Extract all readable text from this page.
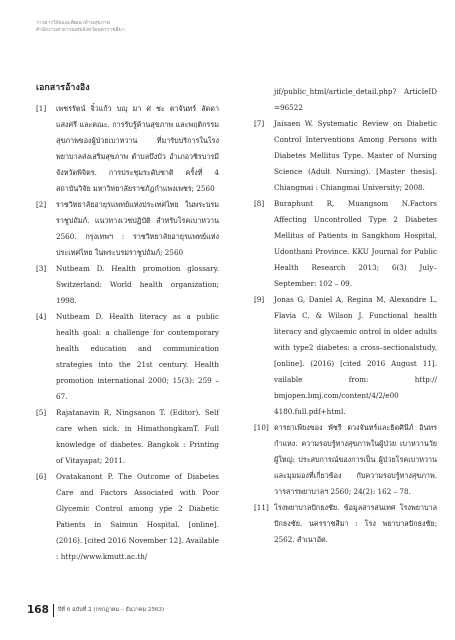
วารสารวิจัยและพัฒนาด้านสุขภาพ
สำนักงานสาธารณสุขจังหวัดนครราชสีมา
เอกสารอ้างอิง
[1]	เพชรรัตน์ จิ๋วแก้ว บญุ มา ศ ชะ ตาจันทร์ ลัดดา แสงศรี และคณะ. การรับรู้ด้านสุขภาพ และพฤติกรรมสุขภาพของผู้ป่วยเบาหวาน ที่มารับบริการในโรงพยาบาลส่งเสริมสุขภาพ ตำบลบึงบัว อำเภอวชิรบารมี จังหวัดพิจิตร. การประชุมระดับชาติ ครั้งที่ 4 สถาบันวิจัย มหาวิทยาลัยราชภัฏกำแพงเพชร; 2560
[2]	ราชวิทยาลัยอายุรแพทย์แห่งประเทศไทย ในพระบรมราชูปถัมภ์. แนวทางเวชปฏิบัติ สำหรับโรคเบาหวาน 2560. กรุงเทพฯ : ราชวิทยาลัยอายุรแพทย์แห่งประเทศไทย ในพระบรมราชูปถัมภ์; 2560
[3]	Nutbeam D. Health promotion glossary. Switzerland: World health organization; 1998.
[4]	Nutbeam D. Health literacy as a public health goal: a challenge for contemporary health education and communication strategies into the 21st century. Health promotion international 2000; 15(3): 259 – 67.
[5]	Rajatanavin R, Ningsanon T. (Editor). Self care when sick. in HimathongkamT. Full knowledge of diabetes. Bangkok : Printing of Vitayapat; 2011.
[6]	Ovatakanont P. The Outcome of Diabetes Care and Factors Associated with Poor Glycemic Control among ype 2 Diabetic Patients in Saimun Hospital. [online]. (2016). [cited 2016 November 12]. Available : http://www.kmutt.ac.th/
jif/public_html/article_detail.php? ArticleID =96522
[7]	Jaisaen W. Systematic Review on Diabetic Control Interventions Among Persons with Diabetes Mellitus Type. Master of Nursing Science (Adult Nursing). [Master thesis]. Chiangmai : Chiangmai University; 2008.
[8]	Buraphunt R, Muangsom N.Factors Affecting Uncontrolled Type 2 Diabetes Mellitus of Patients in Sangkhom Hospital, Udonthani Province. KKU Journal for Public Health Research 2013; 6(3) July–September: 102 – 09.
[9]	Jonas G, Daniel A, Regina M, Alexandre L, Flavia C, & Wilson J. Functional health literacy and glycaemic ontrol in older adults with type2 diabetes: a cross–sectionalstudy, [online]. (2016) [cited 2016 August 11]. vailable from: http:// bmjopen.bmj.com/content/4/2/e00 4180.full.pdf+html.
[10] ดารยาเพียงของ พัชรี ดวงจันทร์และธิดศินีภ์ อินทรกำแหง. ความรอบรู้ทางสุขภาพในผู้ป่วย เบาหวานวัยผู้ใหญ่: ประสบการณ์ของการเป็น ผู้ป่วยโรคเบาหวานและมุมมองที่เกี่ยวข้อง กับความรอบรู้ทางสุขภาพ. วารสารพยาบาลฯ 2560; 24(2): 162 – 78.
[11] โรงพยาบาลปักธงชัย. ข้อมูลสารสนเทศ โรงพยาบาลปักธงชัย. นครราชสีมา : โรง พยาบาลปักธงชัย; 2562. สำเนาอัด.
168 ปีที่ 6 ฉบับที่ 2 (กรกฎาคม – ธันวาคม 2563)
